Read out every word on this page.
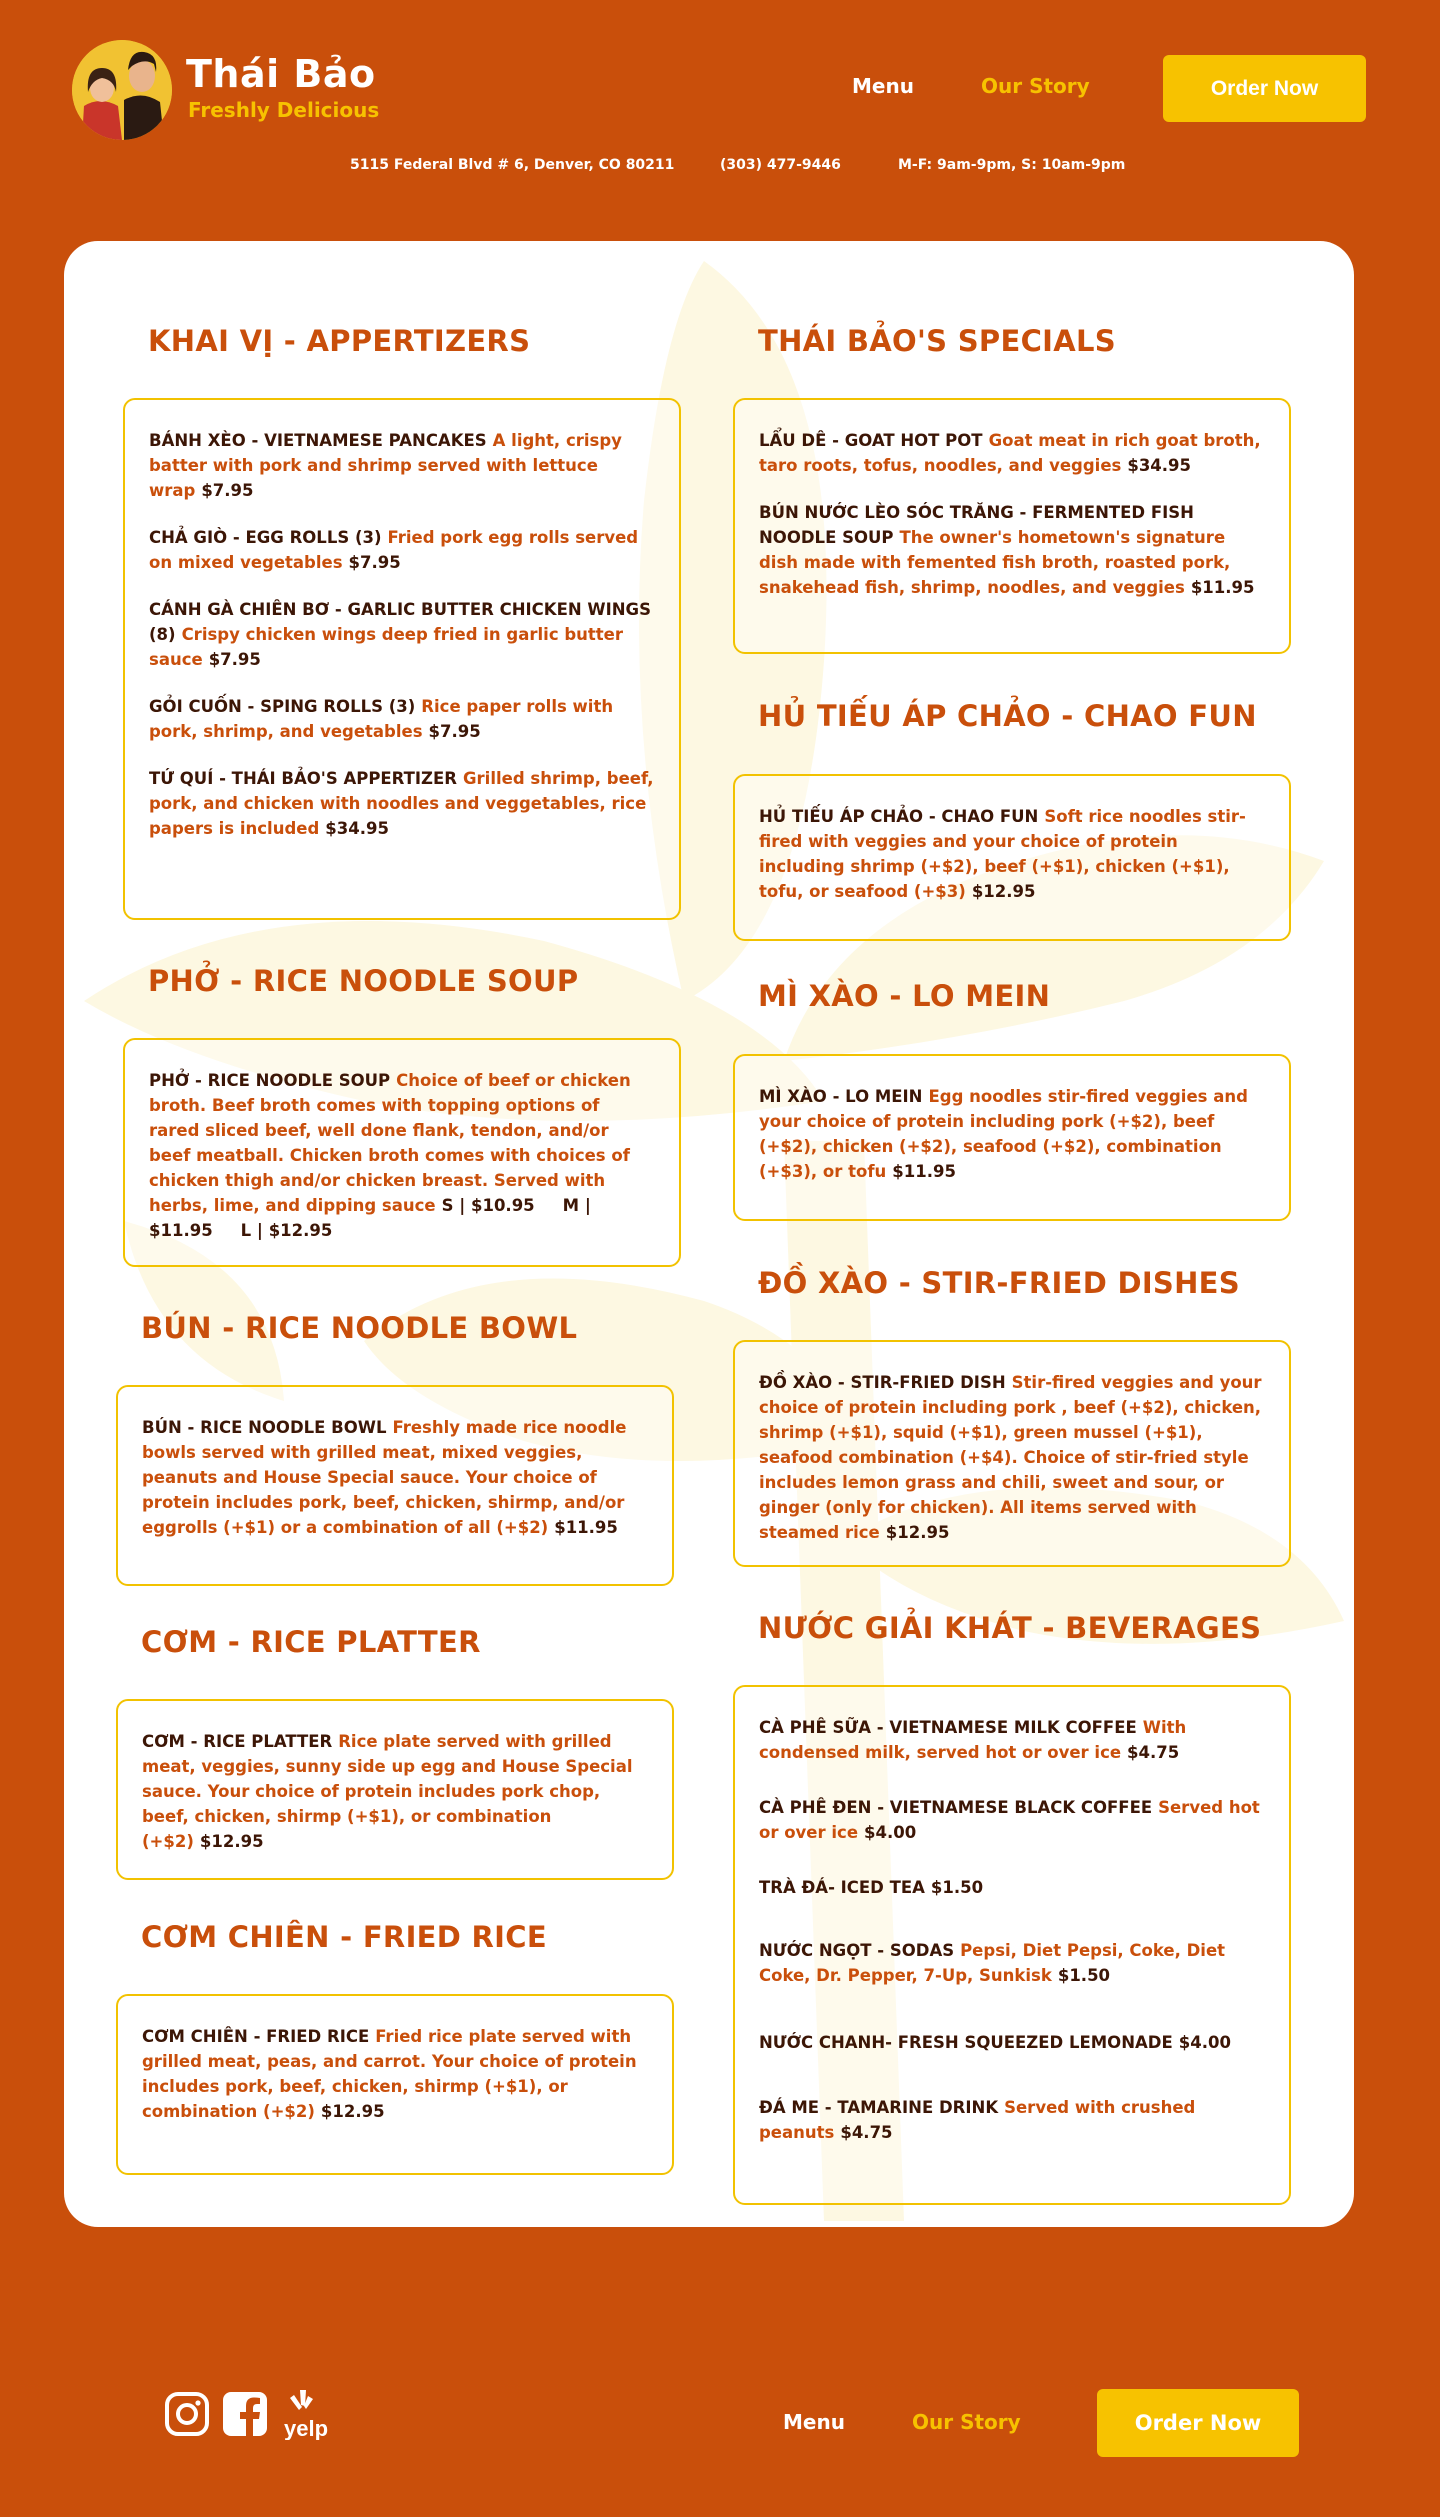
Thái Bảo
Freshly Delicious
Menu	Our Story	Order Now
5115 Federal Blvd # 6, Denver, CO 80211	(303) 477-9446	M-F: 9am-9pm, S: 10am-9pm
KHAI VỊ - APPERTIZERS
BÁNH XÈO - VIETNAMESE PANCAKES A light, crispy batter with pork and shrimp served with lettuce wrap $7.95
CHẢ GIÒ - EGG ROLLS (3) Fried pork egg rolls served on mixed vegetables $7.95
CÁNH GÀ CHIÊN BƠ - GARLIC BUTTER CHICKEN WINGS (8) Crispy chicken wings deep fried in garlic butter sauce $7.95
GỎI CUỐN - SPING ROLLS (3) Rice paper rolls with pork, shrimp, and vegetables $7.95
TỨ QUÍ - THÁI BẢO'S APPERTIZER Grilled shrimp, beef, pork, and chicken with noodles and veggetables, rice papers is included $34.95
PHỞ - RICE NOODLE SOUP
PHỞ - RICE NOODLE SOUP Choice of beef or chicken broth. Beef broth comes with topping options of rared sliced beef, well done flank, tendon, and/or beef meatball. Chicken broth comes with choices of chicken thigh and/or chicken breast. Served with herbs, lime, and dipping sauce S | $10.95 M | $11.95 L | $12.95
BÚN - RICE NOODLE BOWL
BÚN - RICE NOODLE BOWL Freshly made rice noodle bowls served with grilled meat, mixed veggies, peanuts and House Special sauce. Your choice of protein includes pork, beef, chicken, shirmp, and/or eggrolls (+$1) or a combination of all (+$2) $11.95
CƠM - RICE PLATTER
CƠM - RICE PLATTER Rice plate served with grilled meat, veggies, sunny side up egg and House Special sauce. Your choice of protein includes pork chop, beef, chicken, shirmp (+$1), or combination (+$2) $12.95
CƠM CHIÊN - FRIED RICE
CƠM CHIÊN - FRIED RICE Fried rice plate served with grilled meat, peas, and carrot. Your choice of protein includes pork, beef, chicken, shirmp (+$1), or combination (+$2) $12.95
THÁI BẢO'S SPECIALS
LẨU DÊ - GOAT HOT POT Goat meat in rich goat broth, taro roots, tofus, noodles, and veggies $34.95
BÚN NƯỚC LÈO SÓC TRĂNG - FERMENTED FISH NOODLE SOUP The owner's hometown's signature dish made with femented fish broth, roasted pork, snakehead fish, shrimp, noodles, and veggies $11.95
HỦ TIẾU ÁP CHẢO - CHAO FUN
HỦ TIẾU ÁP CHẢO - CHAO FUN Soft rice noodles stir-fired with veggies and your choice of protein including shrimp (+$2), beef (+$1), chicken (+$1), tofu, or seafood (+$3) $12.95
MÌ XÀO - LO MEIN
MÌ XÀO - LO MEIN Egg noodles stir-fired veggies and your choice of protein including pork (+$2), beef (+$2), chicken (+$2), seafood (+$2), combination (+$3), or tofu $11.95
ĐỒ XÀO - STIR-FRIED DISHES
ĐỒ XÀO - STIR-FRIED DISH Stir-fired veggies and your choice of protein including pork , beef (+$2), chicken, shrimp (+$1), squid (+$1), green mussel (+$1), seafood combination (+$4). Choice of stir-fried style includes lemon grass and chili, sweet and sour, or ginger (only for chicken). All items served with steamed rice $12.95
NƯỚC GIẢI KHÁT - BEVERAGES
CÀ PHÊ SỮA - VIETNAMESE MILK COFFEE With condensed milk, served hot or over ice $4.75
CÀ PHÊ ĐEN - VIETNAMESE BLACK COFFEE Served hot or over ice $4.00
TRÀ ĐÁ- ICED TEA $1.50
NƯỚC NGỌT - SODAS Pepsi, Diet Pepsi, Coke, Diet Coke, Dr. Pepper, 7-Up, Sunkisk $1.50
NƯỚC CHANH- FRESH SQUEEZED LEMONADE $4.00
ĐÁ ME - TAMARINE DRINK Served with crushed peanuts $4.75
yelp	Menu	Our Story	Order Now
